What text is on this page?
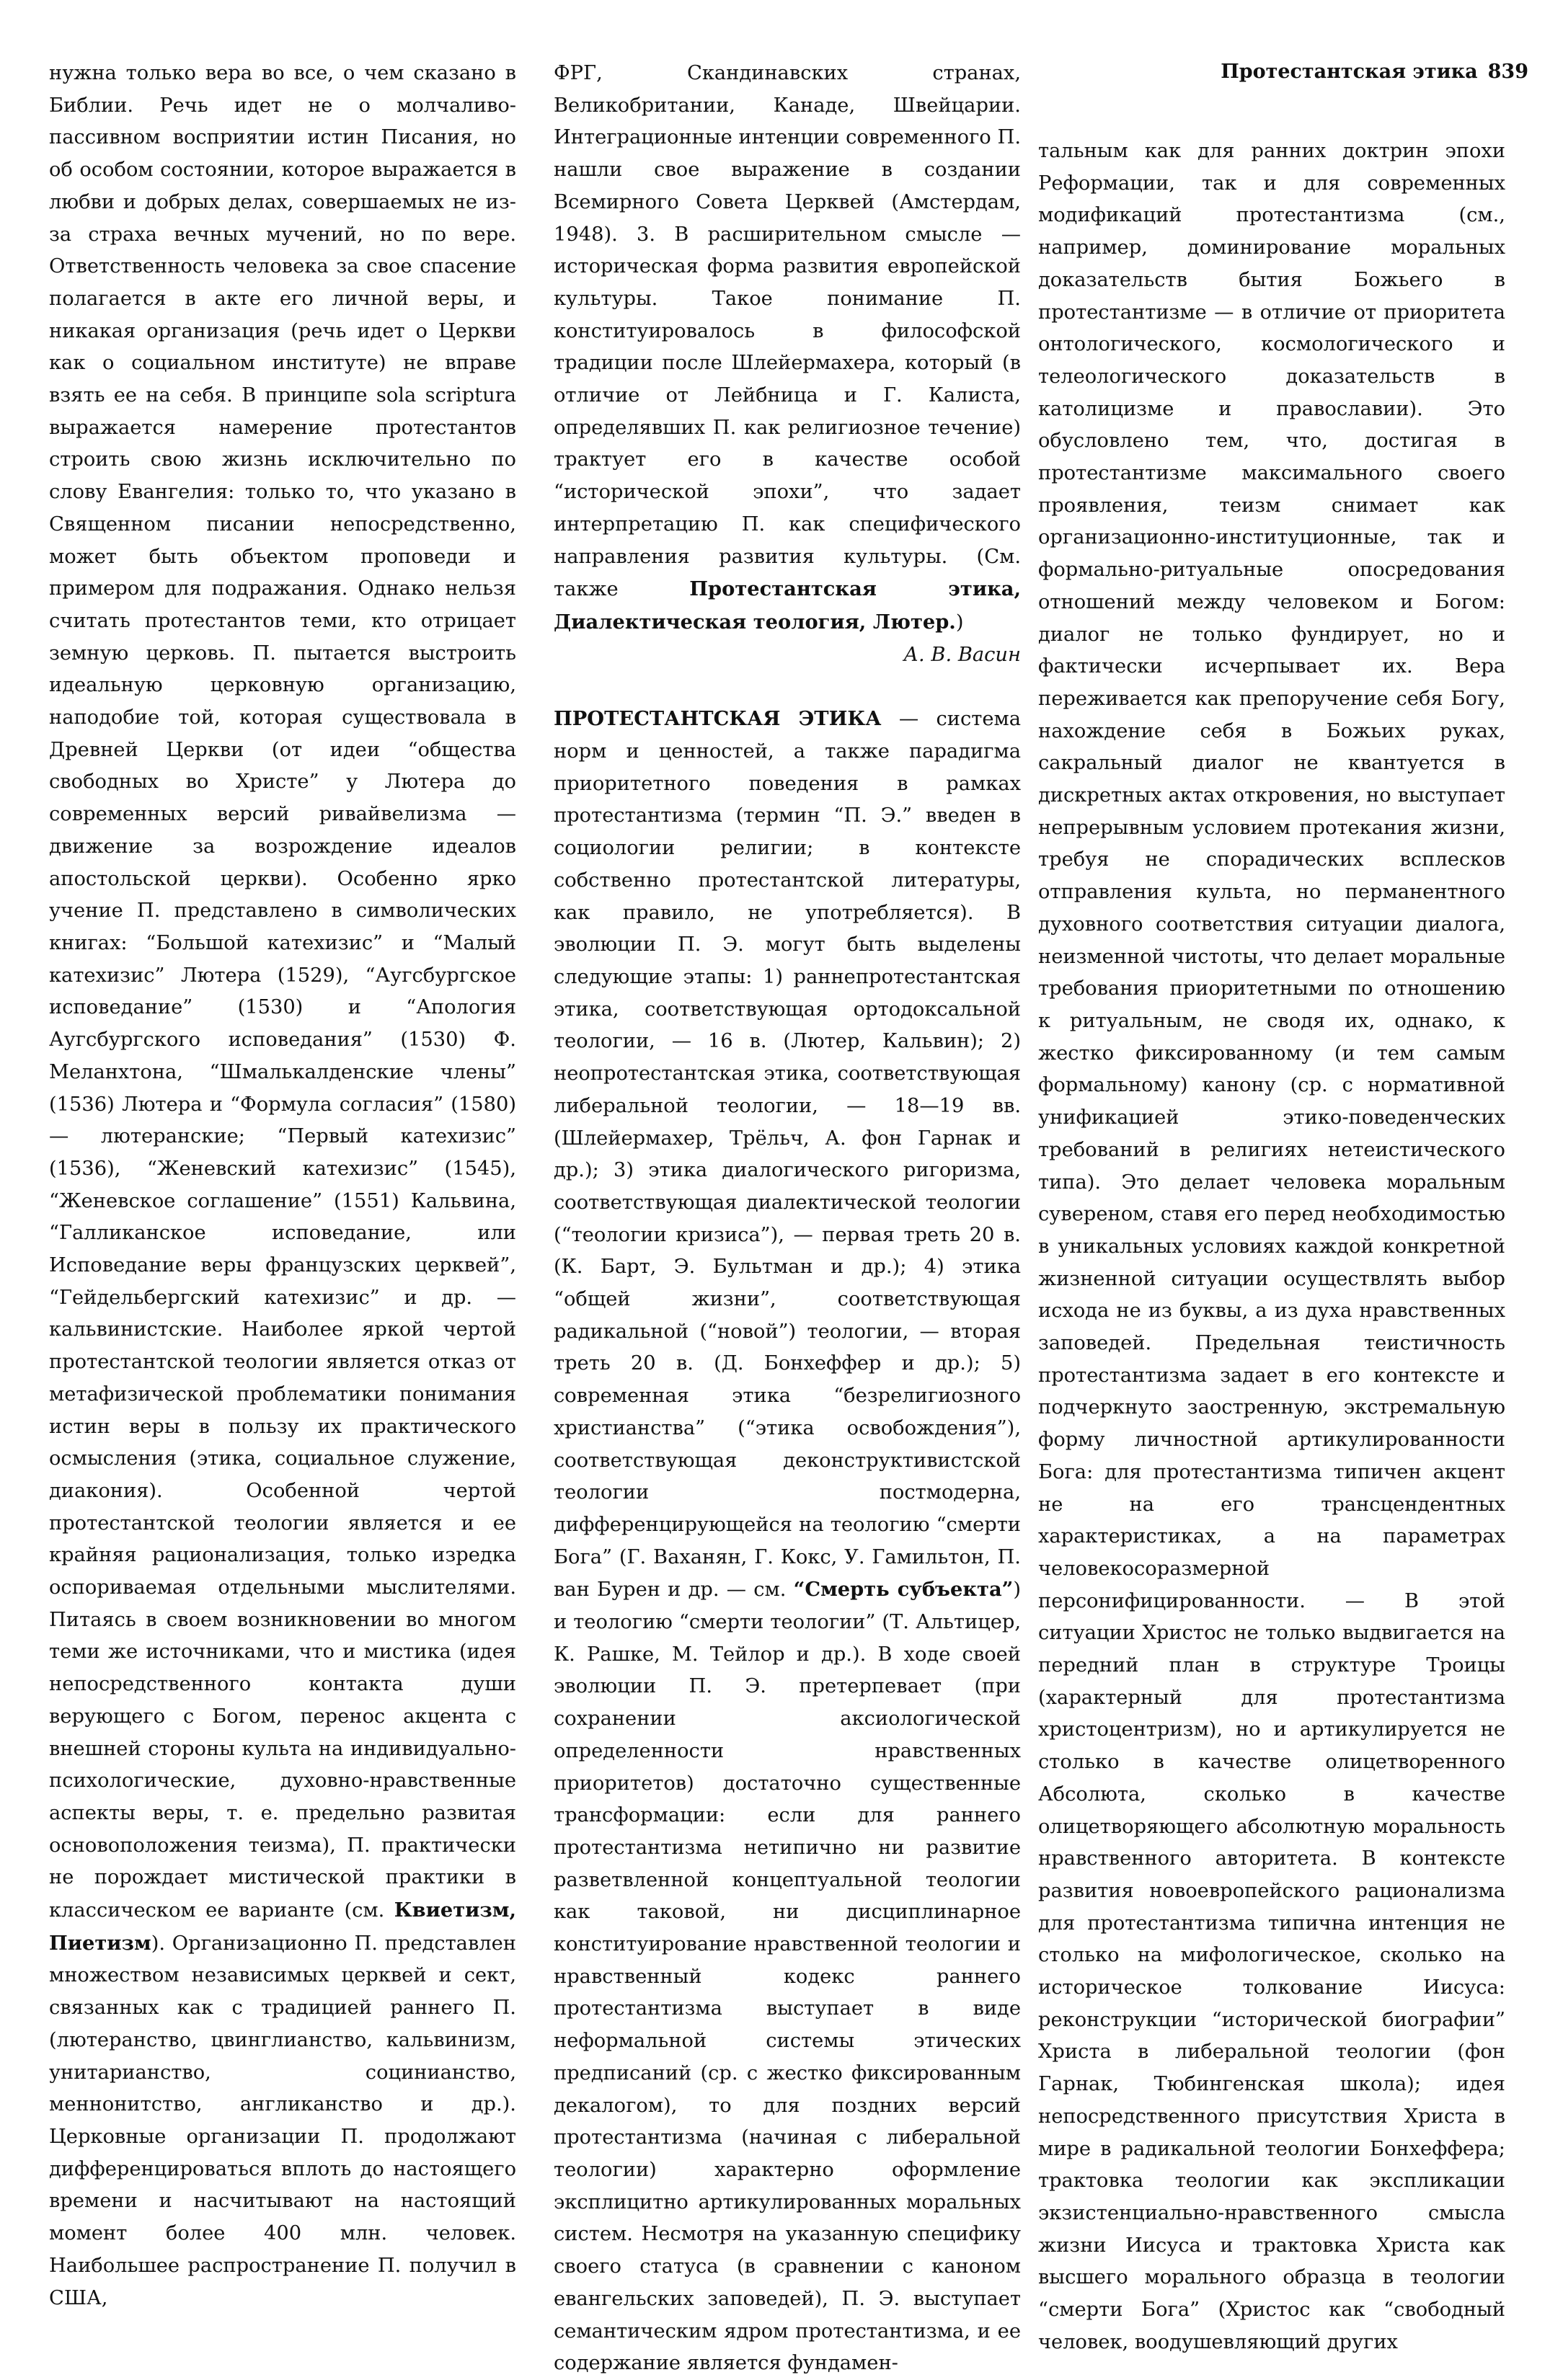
Протестантская этика 839

нужна только вера во все, о чем сказано в Библии. Речь идет не о молчаливо-пассивном восприятии истин Писания, но об особом состоянии, которое выражается в любви и добрых делах, совершаемых не из-за страха вечных мучений, но по вере. Ответственность человека за свое спасение полагается в акте его личной веры, и никакая организация (речь идет о Церкви как о социальном институте) не вправе взять ее на себя. В принципе sola scriptura выражается намерение протестантов строить свою жизнь исключительно по слову Евангелия: только то, что указано в Священном писании непосредственно, может быть объектом проповеди и примером для подражания. Однако нельзя считать протестантов теми, кто отрицает земную церковь. П. пытается выстроить идеальную церковную организацию, наподобие той, которая существовала в Древней Церкви (от идеи “общества свободных во Христе” у Лютера до современных версий ривайвелизма — движение за возрождение идеалов апостольской церкви). Особенно ярко учение П. представлено в символических книгах: “Большой катехизис” и “Малый катехизис” Лютера (1529), “Аугсбургское исповедание” (1530) и “Апология Аугсбургского исповедания” (1530) Ф. Меланхтона, “Шмалькалденские члены” (1536) Лютера и “Формула согласия” (1580) — лютеранские; “Первый катехизис” (1536), “Женевский катехизис” (1545), “Женевское соглашение” (1551) Кальвина, “Галликанское исповедание, или Исповедание веры французских церквей”, “Гейдельбергский катехизис” и др. — кальвинистские. Наиболее яркой чертой протестантской теологии является отказ от метафизической проблематики понимания истин веры в пользу их практического осмысления (этика, социальное служение, диакония). Особенной чертой протестантской теологии является и ее крайняя рационализация, только изредка оспориваемая отдельными мыслителями. Питаясь в своем возникновении во многом теми же источниками, что и мистика (идея непосредственного контакта души верующего с Богом, перенос акцента с внешней стороны культа на индивидуально-психологические, духовно-нравственные аспекты веры, т. е. предельно развитая основоположения теизма), П. практически не порождает мистической практики в классическом ее варианте (см. Квиетизм, Пиетизм). Организационно П. представлен множеством независимых церквей и сект, связанных как с традицией раннего П. (лютеранство, цвинглианство, кальвинизм, унитарианство, социнианство, меннонитство, англиканство и др.). Церковные организации П. продолжают дифференцироваться вплоть до настоящего времени и насчитывают на настоящий момент более 400 млн. человек. Наибольшее распространение П. получил в США,

ФРГ, Скандинавских странах, Великобритании, Канаде, Швейцарии. Интеграционные интенции современного П. нашли свое выражение в создании Всемирного Совета Церквей (Амстердам, 1948). 3. В расширительном смысле — историческая форма развития европейской культуры. Такое понимание П. конституировалось в философской традиции после Шлейермахера, который (в отличие от Лейбница и Г. Калиста, определявших П. как религиозное течение) трактует его в качестве особой “исторической эпохи”, что задает интерпретацию П. как специфического направления развития культуры. (См. также Протестантская этика, Диалектическая теология, Лютер.)

А. В. Васин

ПРОТЕСТАНТСКАЯ ЭТИКА — система норм и ценностей, а также парадигма приоритетного поведения в рамках протестантизма (термин “П. Э.” введен в социологии религии; в контексте собственно протестантской литературы, как правило, не употребляется). В эволюции П. Э. могут быть выделены следующие этапы: 1) раннепротестантская этика, соответствующая ортодоксальной теологии, — 16 в. (Лютер, Кальвин); 2) неопротестантская этика, соответствующая либеральной теологии, — 18—19 вв. (Шлейермахер, Трёльч, А. фон Гарнак и др.); 3) этика диалогического ригоризма, соответствующая диалектической теологии (“теологии кризиса”), — первая треть 20 в. (К. Барт, Э. Бультман и др.); 4) этика “общей жизни”, соответствующая радикальной (“новой”) теологии, — вторая треть 20 в. (Д. Бонхеффер и др.); 5) современная этика “безрелигиозного христианства” (“этика освобождения”), соответствующая деконструктивистской теологии постмодерна, дифференцирующейся на теологию “смерти Бога” (Г. Ваханян, Г. Кокс, У. Гамильтон, П. ван Бурен и др. — см. “Смерть субъекта”) и теологию “смерти теологии” (Т. Альтицер, К. Рашке, М. Тейлор и др.). В ходе своей эволюции П. Э. претерпевает (при сохранении аксиологической определенности нравственных приоритетов) достаточно существенные трансформации: если для раннего протестантизма нетипично ни развитие разветвленной концептуальной теологии как таковой, ни дисциплинарное конституирование нравственной теологии и нравственный кодекс раннего протестантизма выступает в виде неформальной системы этических предписаний (ср. с жестко фиксированным декалогом), то для поздних версий протестантизма (начиная с либеральной теологии) характерно оформление эксплицитно артикулированных моральных систем. Несмотря на указанную специфику своего статуса (в сравнении с каноном евангельских заповедей), П. Э. выступает семантическим ядром протестантизма, и ее содержание является фундамен-

тальным как для ранних доктрин эпохи Реформации, так и для современных модификаций протестантизма (см., например, доминирование моральных доказательств бытия Божьего в протестантизме — в отличие от приоритета онтологического, космологического и телеологического доказательств в католицизме и православии). Это обусловлено тем, что, достигая в протестантизме максимального своего проявления, теизм снимает как организационно-институционные, так и формально-ритуальные опосредования отношений между человеком и Богом: диалог не только фундирует, но и фактически исчерпывает их. Вера переживается как препоручение себя Богу, нахождение себя в Божьих руках, сакральный диалог не квантуется в дискретных актах откровения, но выступает непрерывным условием протекания жизни, требуя не спорадических всплесков отправления культа, но перманентного духовного соответствия ситуации диалога, неизменной чистоты, что делает моральные требования приоритетными по отношению к ритуальным, не сводя их, однако, к жестко фиксированному (и тем самым формальному) канону (ср. с нормативной унификацией этико-поведенческих требований в религиях нетеистического типа). Это делает человека моральным сувереном, ставя его перед необходимостью в уникальных условиях каждой конкретной жизненной ситуации осуществлять выбор исхода не из буквы, а из духа нравственных заповедей. Предельная теистичность протестантизма задает в его контексте и подчеркнуто заостренную, экстремальную форму личностной артикулированности Бога: для протестантизма типичен акцент не на его трансцендентных характеристиках, а на параметрах человекосоразмерной персонифицированности. — В этой ситуации Христос не только выдвигается на передний план в структуре Троицы (характерный для протестантизма христоцентризм), но и артикулируется не столько в качестве олицетворенного Абсолюта, сколько в качестве олицетворяющего абсолютную моральность нравственного авторитета. В контексте развития новоевропейского рационализма для протестантизма типична интенция не столько на мифологическое, сколько на историческое толкование Иисуса: реконструкции “исторической биографии” Христа в либеральной теологии (фон Гарнак, Тюбингенская школа); идея непосредственного присутствия Христа в мире в радикальной теологии Бонхеффера; трактовка теологии как экспликации экзистенциально-нравственного смысла жизни Иисуса и трактовка Христа как высшего морального образца в теологии “смерти Бога” (Христос как “свободный человек, воодушевляющий других
